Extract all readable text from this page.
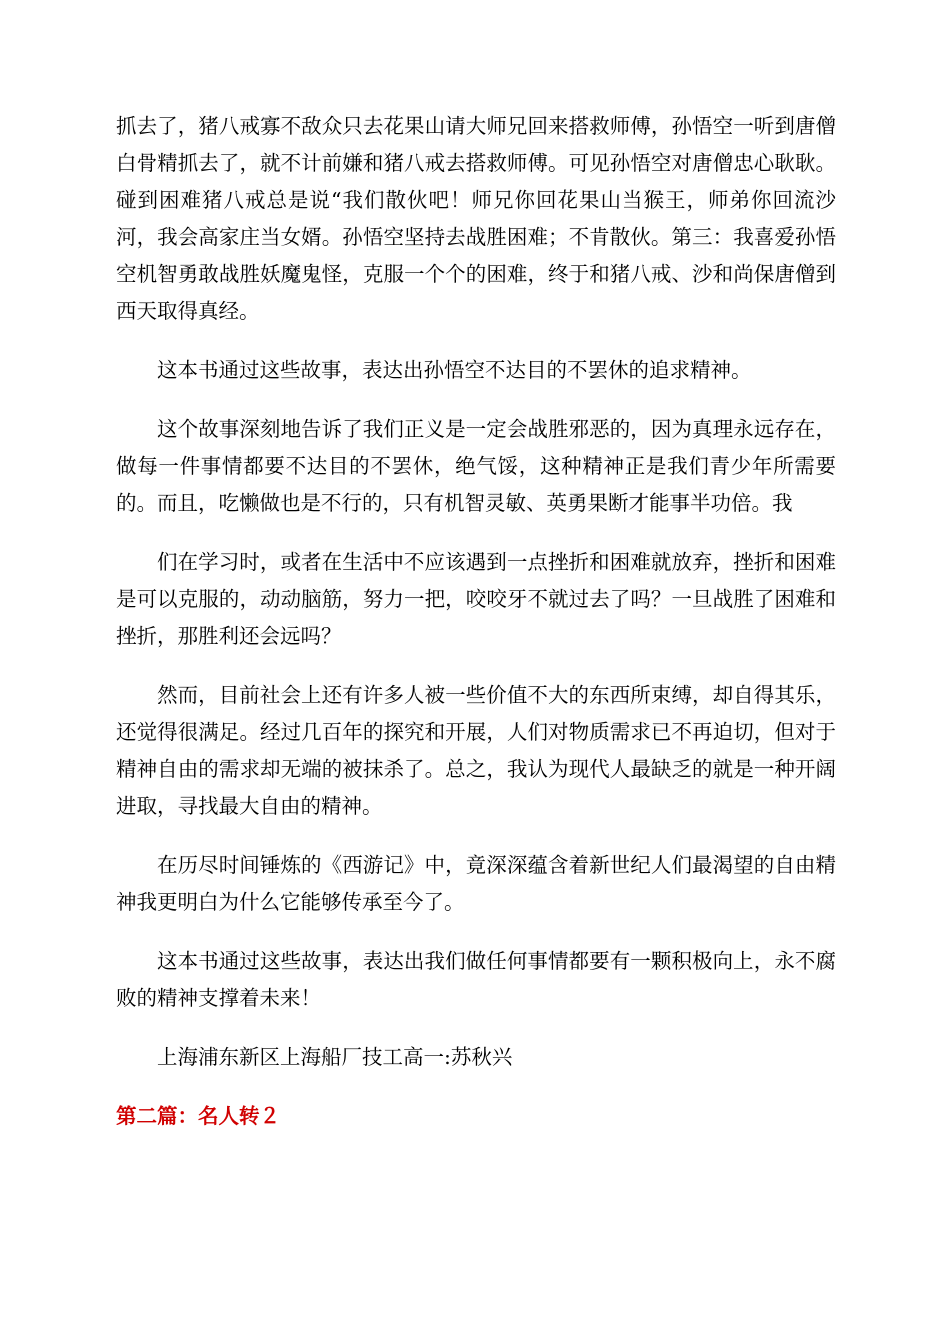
抓去了，猪八戒寡不敌众只去花果山请大师兄回来搭救师傅，孙悟空一听到唐僧白骨精抓去了，就不计前嫌和猪八戒去搭救师傅。可见孙悟空对唐僧忠心耿耿。碰到困难猪八戒总是说“我们散伙吧！师兄你回花果山当猴王，师弟你回流沙河，我会高家庄当女婿。孙悟空坚持去战胜困难；不肯散伙。第三：我喜爱孙悟空机智勇敢战胜妖魔鬼怪，克服一个个的困难，终于和猪八戒、沙和尚保唐僧到西天取得真经。

这本书通过这些故事，表达出孙悟空不达目的不罢休的追求精神。

这个故事深刻地告诉了我们正义是一定会战胜邪恶的，因为真理永远存在，做每一件事情都要不达目的不罢休，绝气馁，这种精神正是我们青少年所需要的。而且，吃懒做也是不行的，只有机智灵敏、英勇果断才能事半功倍。我

们在学习时，或者在生活中不应该遇到一点挫折和困难就放弃，挫折和困难是可以克服的，动动脑筋，努力一把，咬咬牙不就过去了吗？一旦战胜了困难和挫折，那胜利还会远吗？

然而，目前社会上还有许多人被一些价值不大的东西所束缚，却自得其乐，还觉得很满足。经过几百年的探究和开展，人们对物质需求已不再迫切，但对于精神自由的需求却无端的被抹杀了。总之，我认为现代人最缺乏的就是一种开阔进取，寻找最大自由的精神。

在历尽时间锤炼的《西游记》中，竟深深蕴含着新世纪人们最渴望的自由精神我更明白为什么它能够传承至今了。

这本书通过这些故事，表达出我们做任何事情都要有一颗积极向上，永不腐败的精神支撑着未来！

上海浦东新区上海船厂技工高一:苏秋兴

第二篇：名人转２
